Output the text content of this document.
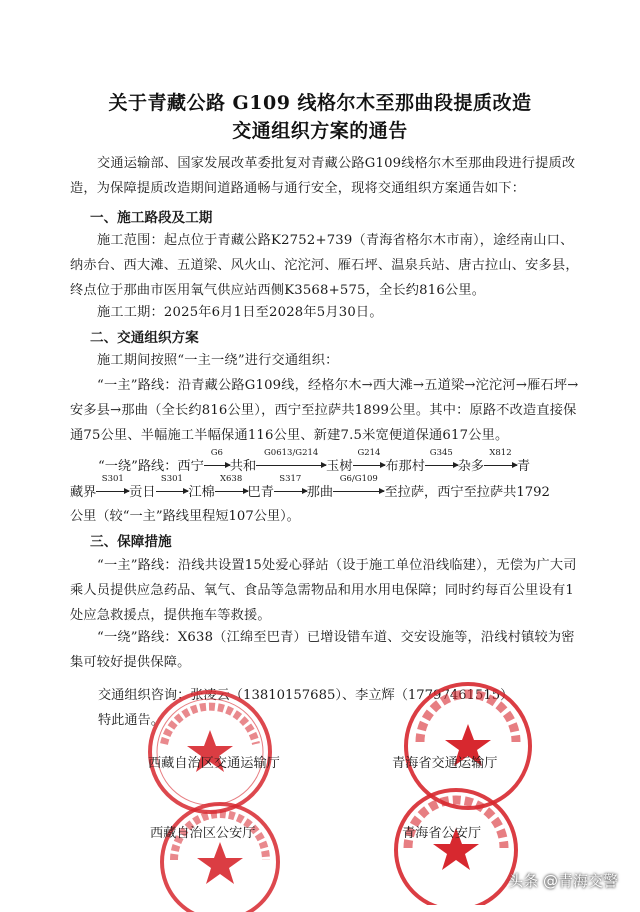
关于青藏公路 G109 线格尔木至那曲段提质改造
交通组织方案的通告
交通运输部、国家发展改革委批复对青藏公路G109线格尔木至那曲段进行提质改造，为保障提质改造期间道路通畅与通行安全，现将交通组织方案通告如下：
一、施工路段及工期
施工范围：起点位于青藏公路K2752+739（青海省格尔木市南），途经南山口、纳赤台、西大滩、五道梁、风火山、沱沱河、雁石坪、温泉兵站、唐古拉山、安多县，终点位于那曲市医用氧气供应站西侧K3568+575，全长约816公里。
施工工期：2025年6月1日至2028年5月30日。
二、交通组织方案
施工期间按照“一主一绕”进行交通组织：
“一主”路线：沿青藏公路G109线，经格尔木→西大滩→五道梁→沱沱河→雁石坪→安多县→那曲（全长约816公里），西宁至拉萨共1899公里。其中：原路不改造直接保通75公里、半幅施工半幅保通116公里、新建7.5米宽便道保通617公里。
“一绕”路线：西宁
G6
共和
G0613/G214
玉树
G214
布那村
G345
杂多
X812
青
藏界
S301
贡日
S301
江棉
X638
巴青
S317
那曲
G6/G109
至拉萨，西宁至拉萨共1792
公里（较“一主”路线里程短107公里）。
三、保障措施
“一主”路线：沿线共设置15处爱心驿站（设于施工单位沿线临建），无偿为广大司乘人员提供应急药品、氧气、食品等急需物品和用水用电保障；同时约每百公里设有1处应急救援点，提供拖车等救援。
“一绕”路线：X638（江绵至巴青）已增设错车道、交安设施等，沿线村镇较为密集可较好提供保障。
交通组织咨询：张凌云（13810157685）、李立辉（17797461515）
特此通告。
西藏自治区交通运输厅	青海省交通运输厅
西藏自治区公安厅	青海省公安厅
头条 @青海交警
